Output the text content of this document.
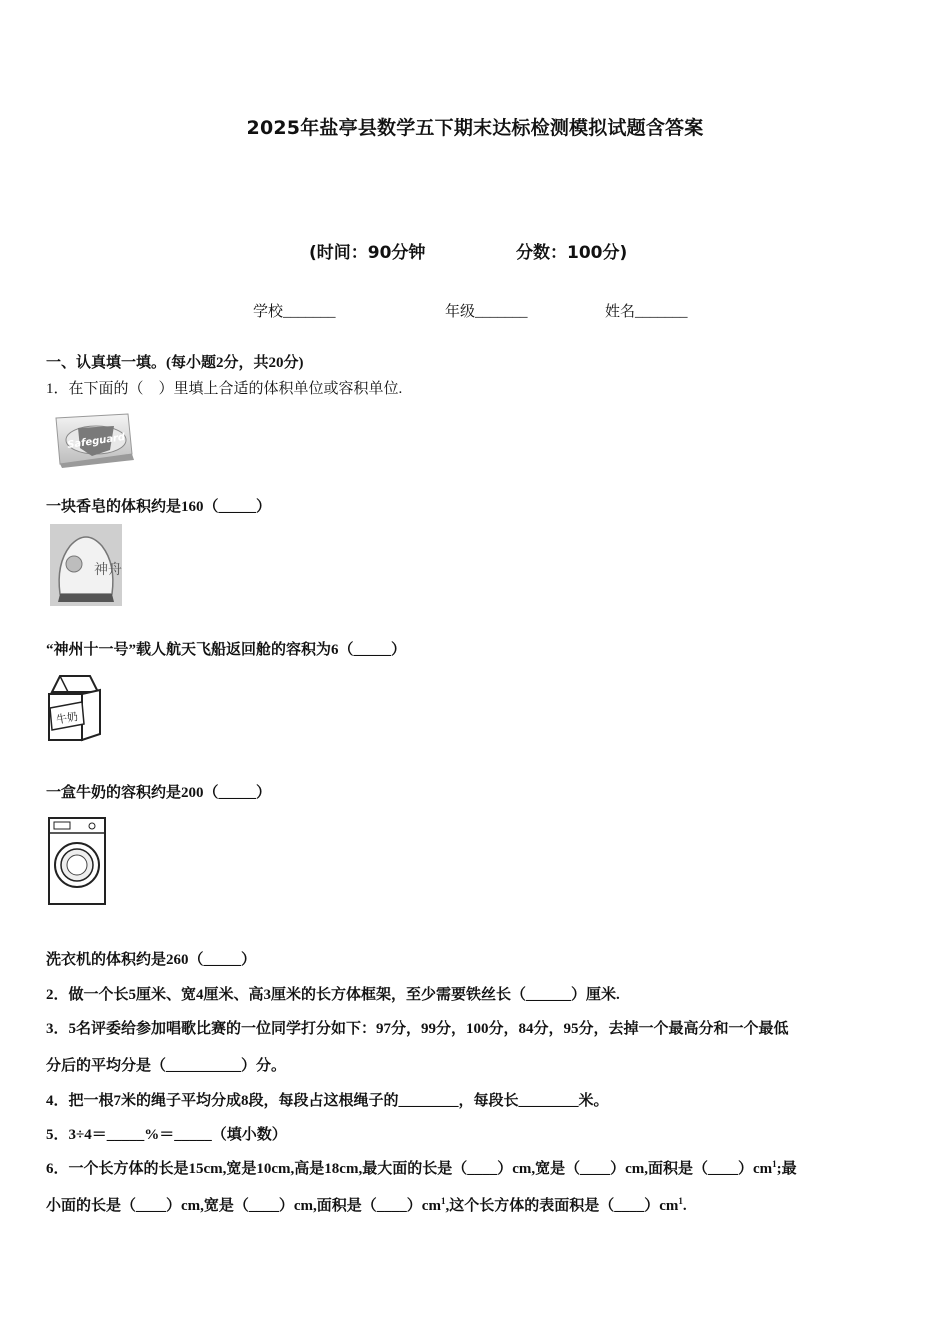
2025年盐亭县数学五下期末达标检测模拟试题含答案
(时间：90分钟	分数：100分)
学校_______	年级_______	姓名_______
一、认真填一填。(每小题2分，共20分)
1．在下面的（　）里填上合适的体积单位或容积单位.
Safeguard
一块香皂的体积约是160（_____）
神舟
“神州十一号”载人航天飞船返回舱的容积为6（_____）
牛奶
一盒牛奶的容积约是200（_____）
洗衣机的体积约是260（_____）
2．做一个长5厘米、宽4厘米、高3厘米的长方体框架，至少需要铁丝长（______）厘米.
3．5名评委给参加唱歌比赛的一位同学打分如下：97分，99分，100分，84分，95分，去掉一个最高分和一个最低
分后的平均分是（__________）分。
4．把一根7米的绳子平均分成8段，每段占这根绳子的________，每段长________米。
5．3÷4＝_____%＝_____（填小数）
6．一个长方体的长是15cm,宽是10cm,高是18cm,最大面的长是（____）cm,宽是（____）cm,面积是$(\_\_\_\_)cm^1$;最
小面的长是（____）cm,宽是（____）cm,面积是$(\_\_\_\_)cm^1$,这个长方体的表面积是$(\_\_\_\_)cm^1$.
